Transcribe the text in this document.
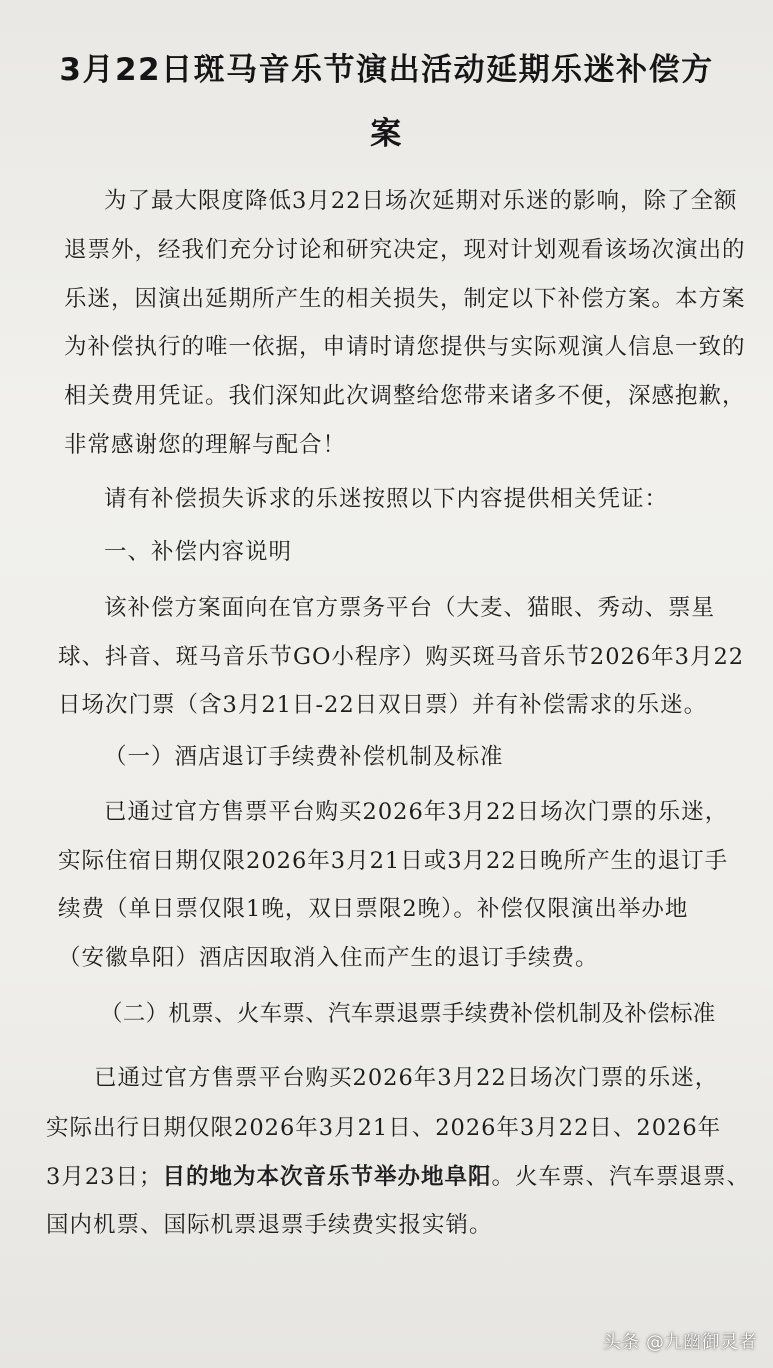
3月22日斑马音乐节演出活动延期乐迷补偿方
案
为了最大限度降低3月22日场次延期对乐迷的影响，除了全额
退票外，经我们充分讨论和研究决定，现对计划观看该场次演出的
乐迷，因演出延期所产生的相关损失，制定以下补偿方案。本方案
为补偿执行的唯一依据，申请时请您提供与实际观演人信息一致的
相关费用凭证。我们深知此次调整给您带来诸多不便，深感抱歉，
非常感谢您的理解与配合！
请有补偿损失诉求的乐迷按照以下内容提供相关凭证：
一、补偿内容说明
该补偿方案面向在官方票务平台（大麦、猫眼、秀动、票星
球、抖音、斑马音乐节GO小程序）购买斑马音乐节2026年3月22
日场次门票（含3月21日-22日双日票）并有补偿需求的乐迷。
（一）酒店退订手续费补偿机制及标准
已通过官方售票平台购买2026年3月22日场次门票的乐迷，
实际住宿日期仅限2026年3月21日或3月22日晚所产生的退订手
续费（单日票仅限1晚，双日票限2晚）。补偿仅限演出举办地
（安徽阜阳）酒店因取消入住而产生的退订手续费。
（二）机票、火车票、汽车票退票手续费补偿机制及补偿标准
已通过官方售票平台购买2026年3月22日场次门票的乐迷，
实际出行日期仅限2026年3月21日、2026年3月22日、2026年
3月23日；目的地为本次音乐节举办地阜阳。火车票、汽车票退票、
国内机票、国际机票退票手续费实报实销。
头条 @九幽御灵者
